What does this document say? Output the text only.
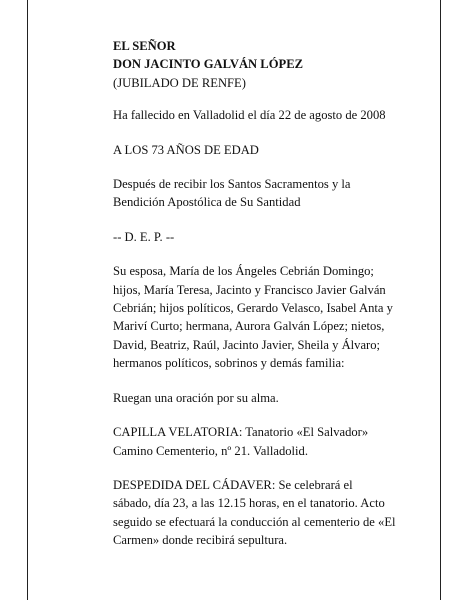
EL SEÑOR
DON JACINTO GALVÁN LÓPEZ
(JUBILADO DE RENFE)

Ha fallecido en Valladolid el día 22 de agosto de 2008

A LOS 73 AÑOS DE EDAD

Después de recibir los Santos Sacramentos y la
Bendición Apostólica de Su Santidad

-- D. E. P. --

Su esposa, María de los Ángeles Cebrián Domingo;
hijos, María Teresa, Jacinto y Francisco Javier Galván
Cebrián; hijos políticos, Gerardo Velasco, Isabel Anta y
Mariví Curto; hermana, Aurora Galván López; nietos,
David, Beatriz, Raúl, Jacinto Javier, Sheila y Álvaro;
hermanos políticos, sobrinos y demás familia:

Ruegan una oración por su alma.

CAPILLA VELATORIA: Tanatorio «El Salvador»
Camino Cementerio, nº 21. Valladolid.

DESPEDIDA DEL CÁDAVER: Se celebrará el
sábado, día 23, a las 12.15 horas, en el tanatorio. Acto
seguido se efectuará la conducción al cementerio de «El
Carmen» donde recibirá sepultura.
